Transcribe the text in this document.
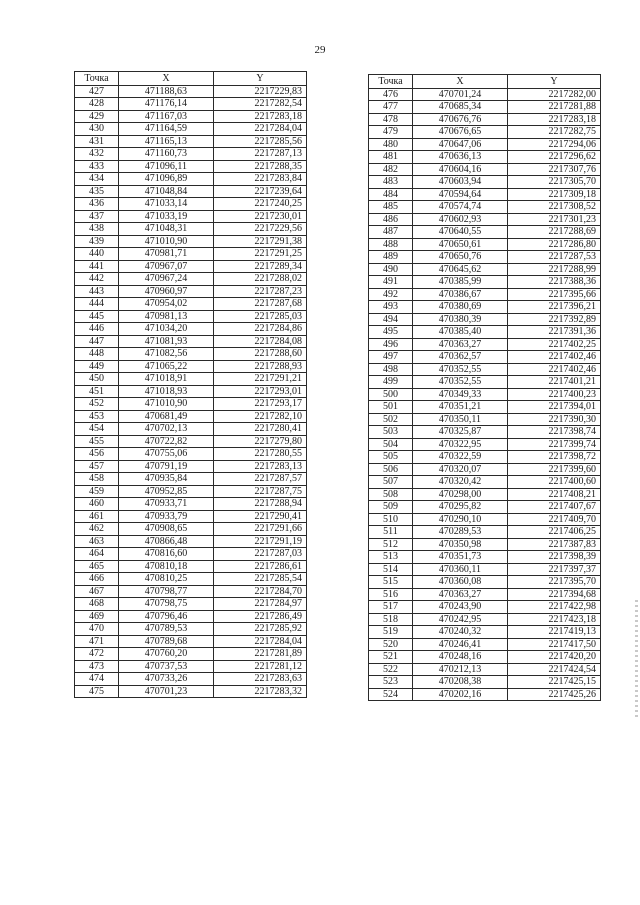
29
Точка	X	Y
427	471188,63	2217229,83
428	471176,14	2217282,54
429	471167,03	2217283,18
430	471164,59	2217284,04
431	471165,13	2217285,56
432	471160,73	2217287,13
433	471096,11	2217288,35
434	471096,89	2217283,84
435	471048,84	2217239,64
436	471033,14	2217240,25
437	471033,19	2217230,01
438	471048,31	2217229,56
439	471010,90	2217291,38
440	470981,71	2217291,25
441	470967,07	2217289,34
442	470967,24	2217288,02
443	470960,97	2217287,23
444	470954,02	2217287,68
445	470981,13	2217285,03
446	471034,20	2217284,86
447	471081,93	2217284,08
448	471082,56	2217288,60
449	471065,22	2217288,93
450	471018,91	2217291,21
451	471018,93	2217293,01
452	471010,90	2217293,17
453	470681,49	2217282,10
454	470702,13	2217280,41
455	470722,82	2217279,80
456	470755,06	2217280,55
457	470791,19	2217283,13
458	470935,84	2217287,57
459	470952,85	2217287,75
460	470933,71	2217288,94
461	470933,79	2217290,41
462	470908,65	2217291,66
463	470866,48	2217291,19
464	470816,60	2217287,03
465	470810,18	2217286,61
466	470810,25	2217285,54
467	470798,77	2217284,70
468	470798,75	2217284,97
469	470796,46	2217286,49
470	470789,53	2217285,92
471	470789,68	2217284,04
472	470760,20	2217281,89
473	470737,53	2217281,12
474	470733,26	2217283,63
475	470701,23	2217283,32
Точка	X	Y
476	470701,24	2217282,00
477	470685,34	2217281,88
478	470676,76	2217283,18
479	470676,65	2217282,75
480	470647,06	2217294,06
481	470636,13	2217296,62
482	470604,16	2217307,76
483	470603,94	2217305,70
484	470594,64	2217309,18
485	470574,74	2217308,52
486	470602,93	2217301,23
487	470640,55	2217288,69
488	470650,61	2217286,80
489	470650,76	2217287,53
490	470645,62	2217288,99
491	470385,99	2217388,36
492	470386,67	2217395,66
493	470380,69	2217396,21
494	470380,39	2217392,89
495	470385,40	2217391,36
496	470363,27	2217402,25
497	470362,57	2217402,46
498	470352,55	2217402,46
499	470352,55	2217401,21
500	470349,33	2217400,23
501	470351,21	2217394,01
502	470350,11	2217390,30
503	470325,87	2217398,74
504	470322,95	2217399,74
505	470322,59	2217398,72
506	470320,07	2217399,60
507	470320,42	2217400,60
508	470298,00	2217408,21
509	470295,82	2217407,67
510	470290,10	2217409,70
511	470289,53	2217406,25
512	470350,98	2217387,83
513	470351,73	2217398,39
514	470360,11	2217397,37
515	470360,08	2217395,70
516	470363,27	2217394,68
517	470243,90	2217422,98
518	470242,95	2217423,18
519	470240,32	2217419,13
520	470246,41	2217417,50
521	470248,16	2217420,20
522	470212,13	2217424,54
523	470208,38	2217425,15
524	470202,16	2217425,26
